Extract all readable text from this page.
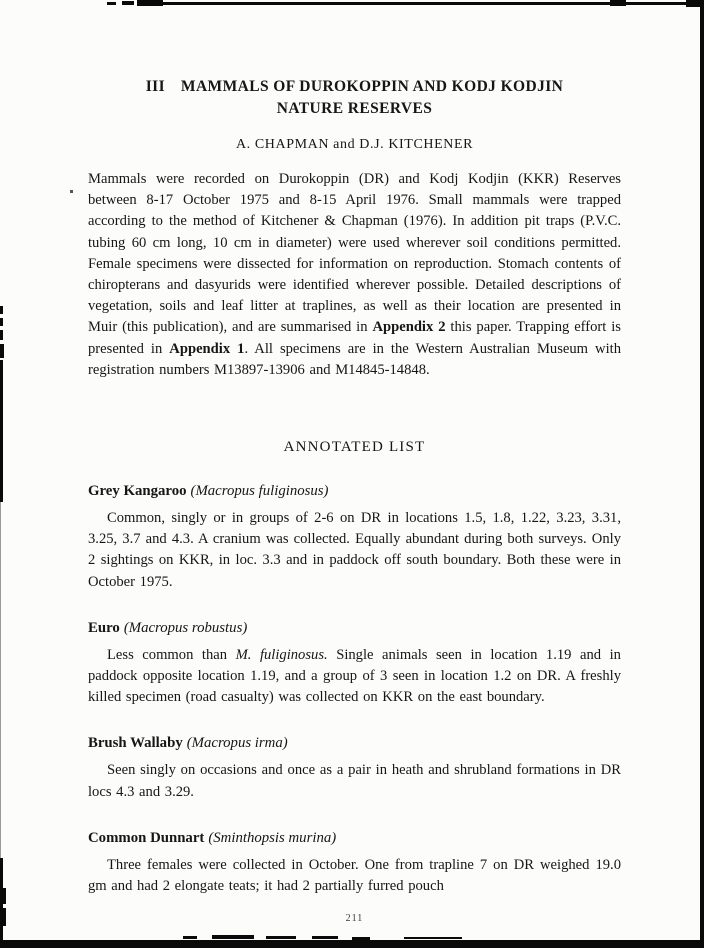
III MAMMALS OF DUROKOPPIN AND KODJ KODJIN
NATURE RESERVES
A. CHAPMAN and D.J. KITCHENER

Mammals were recorded on Durokoppin (DR) and Kodj Kodjin (KKR) Reserves between 8-17 October 1975 and 8-15 April 1976. Small mammals were trapped according to the method of Kitchener & Chapman (1976). In addition pit traps (P.V.C. tubing 60 cm long, 10 cm in diameter) were used wherever soil conditions permitted. Female specimens were dissected for information on reproduction. Stomach contents of chiropterans and dasyurids were identified wherever possible. Detailed descriptions of vegetation, soils and leaf litter at traplines, as well as their location are presented in Muir (this publication), and are summarised in Appendix 2 this paper. Trapping effort is presented in Appendix 1. All specimens are in the Western Australian Museum with registration numbers M13897-13906 and M14845-14848.

ANNOTATED LIST
Grey Kangaroo (Macropus fuliginosus)

Common, singly or in groups of 2-6 on DR in locations 1.5, 1.8, 1.22, 3.23, 3.31, 3.25, 3.7 and 4.3. A cranium was collected. Equally abundant during both surveys. Only 2 sightings on KKR, in loc. 3.3 and in paddock off south boundary. Both these were in October 1975.

Euro (Macropus robustus)

Less common than M. fuliginosus. Single animals seen in location 1.19 and in paddock opposite location 1.19, and a group of 3 seen in location 1.2 on DR. A freshly killed specimen (road casualty) was collected on KKR on the east boundary.

Brush Wallaby (Macropus irma)

Seen singly on occasions and once as a pair in heath and shrubland formations in DR locs 4.3 and 3.29.

Common Dunnart (Sminthopsis murina)

Three females were collected in October. One from trapline 7 on DR weighed 19.0 gm and had 2 elongate teats; it had 2 partially furred pouch

211
